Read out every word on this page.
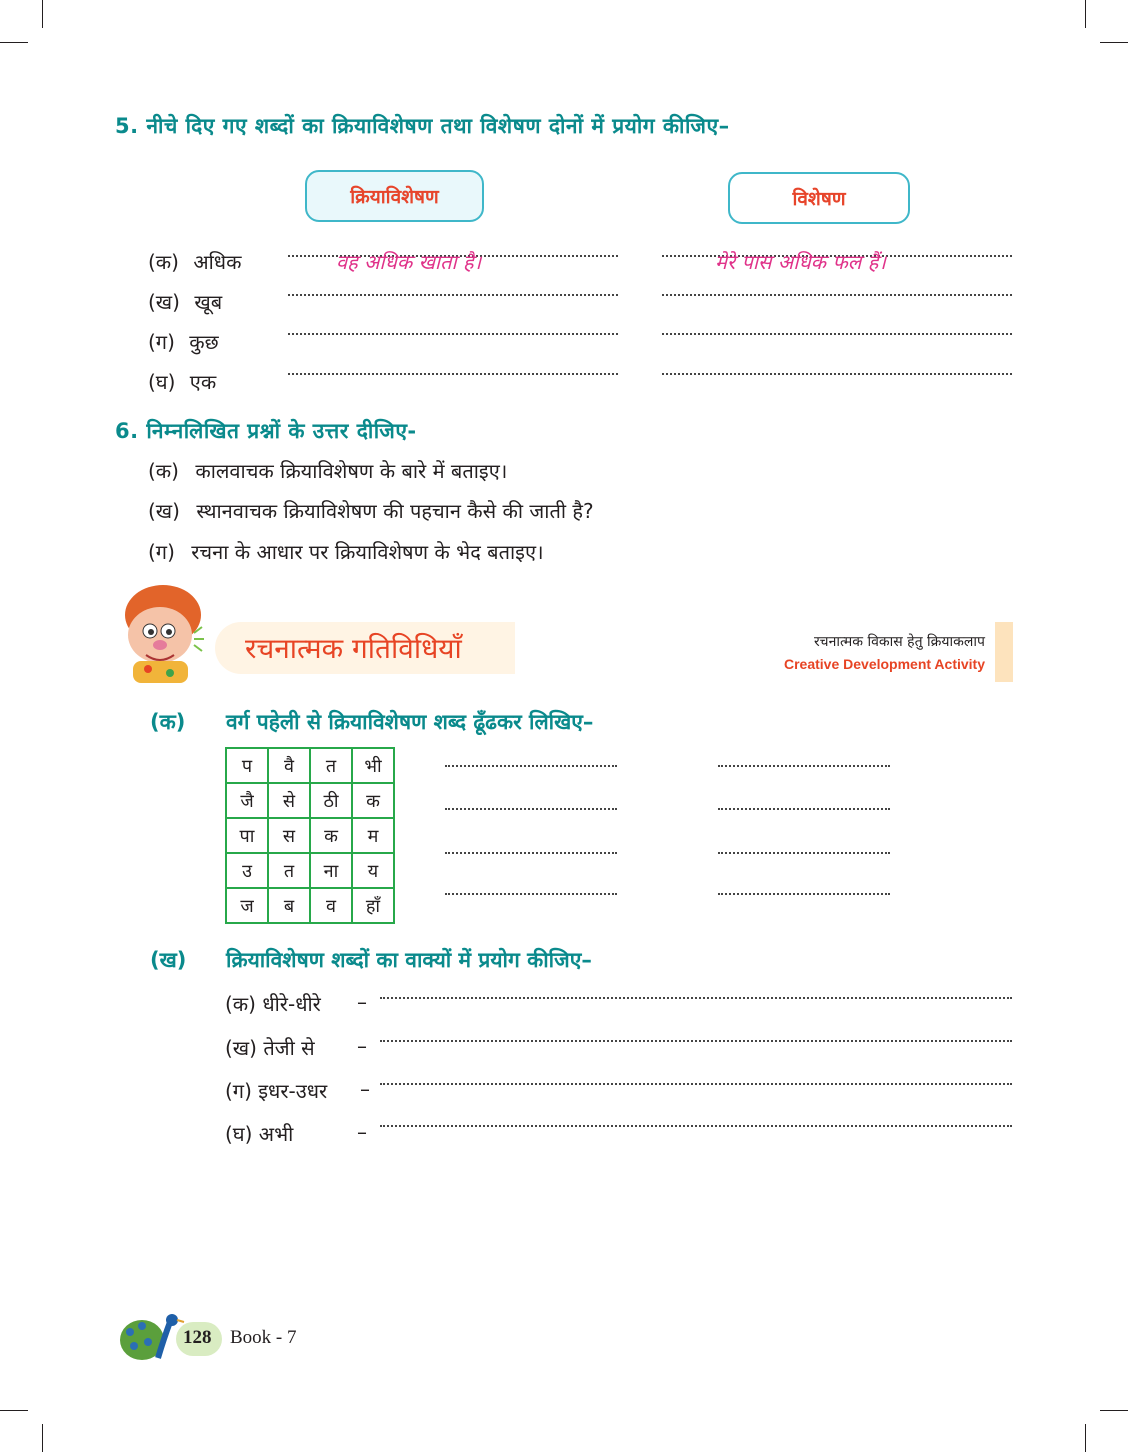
5. नीचे दिए गए शब्दों का क्रियाविशेषण तथा विशेषण दोनों में प्रयोग कीजिए–
क्रियाविशेषण	विशेषण
(क) अधिक	वह अधिक खाता है।	मेरे पास अधिक फल हैं।
(ख) खूब
(ग) कुछ
(घ) एक
6. निम्नलिखित प्रश्नों के उत्तर दीजिए-
(क) कालवाचक क्रियाविशेषण के बारे में बताइए।
(ख) स्थानवाचक क्रियाविशेषण की पहचान कैसे की जाती है?
(ग) रचना के आधार पर क्रियाविशेषण के भेद बताइए।
रचनात्मक गतिविधियाँ	रचनात्मक विकास हेतु क्रियाकलाप
Creative Development Activity
(क) वर्ग पहेली से क्रियाविशेषण शब्द ढूँढकर लिखिए–
प	वै	त	भी
जै	से	ठी	क
पा	स	क	म
उ	त	ना	य
ज	ब	व	हाँ
(ख) क्रियाविशेषण शब्दों का वाक्यों में प्रयोग कीजिए–
(क) धीरे-धीरे –
(ख) तेजी से –
(ग) इधर-उधर –
(घ) अभी	–
128 Book - 7
